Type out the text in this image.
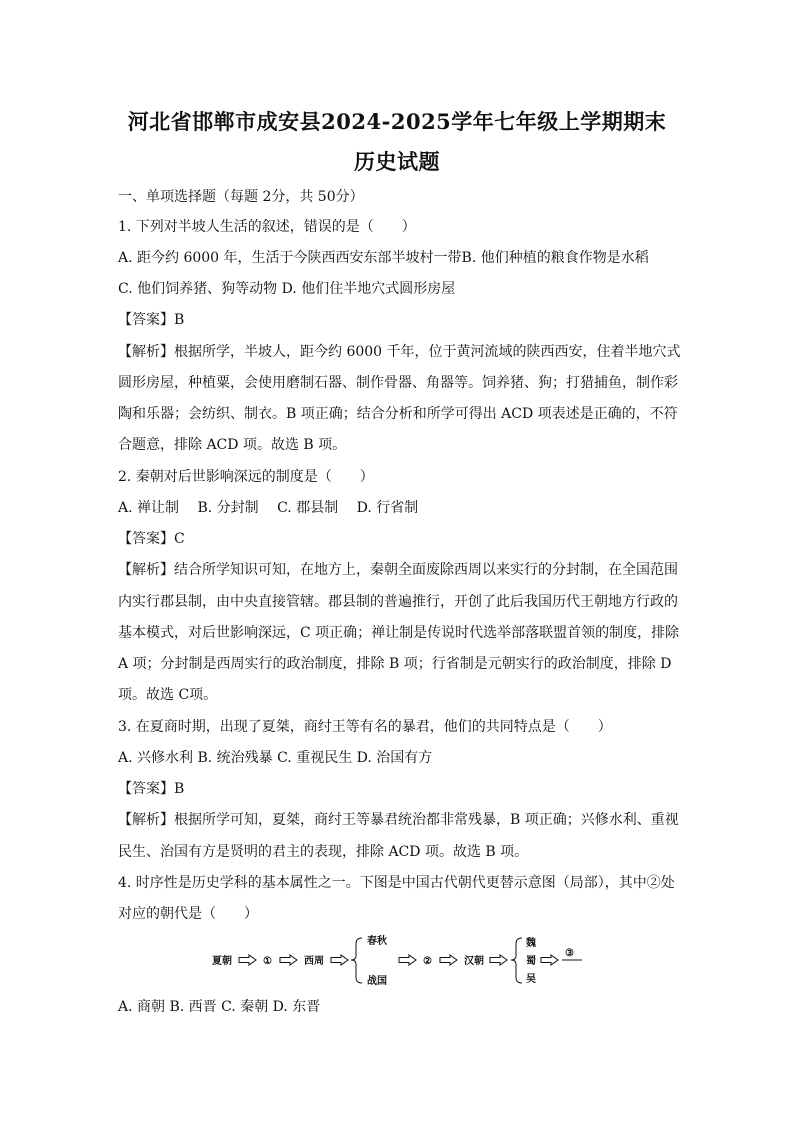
河北省邯郸市成安县2024-2025学年七年级上学期期末
历史试题
一、单项选择题（每题 2分，共 50分）
1. 下列对半坡人生活的叙述，错误的是（　　）
A. 距今约 6000 年，生活于今陕西西安东部半坡村一带B. 他们种植的粮食作物是水稻
C. 他们饲养猪、狗等动物 D. 他们住半地穴式圆形房屋
【答案】B
【解析】根据所学，半坡人，距今约 6000 千年，位于黄河流域的陕西西安，住着半地穴式
圆形房屋，种植粟，会使用磨制石器、制作骨器、角器等。饲养猪、狗；打猎捕鱼，制作彩
陶和乐器；会纺织、制衣。B 项正确；结合分析和所学可得出 ACD 项表述是正确的，不符
合题意，排除 ACD 项。故选 B 项。
2. 秦朝对后世影响深远的制度是（　　）
A. 禅让制　 B. 分封制　 C. 郡县制　 D. 行省制
【答案】C
【解析】结合所学知识可知，在地方上，秦朝全面废除西周以来实行的分封制，在全国范围
内实行郡县制，由中央直接管辖。郡县制的普遍推行，开创了此后我国历代王朝地方行政的
基本模式，对后世影响深远，C 项正确；禅让制是传说时代选举部落联盟首领的制度，排除
A 项；分封制是西周实行的政治制度，排除 B 项；行省制是元朝实行的政治制度，排除 D
项。故选 C项。
3. 在夏商时期，出现了夏桀，商纣王等有名的暴君，他们的共同特点是（　　）
A. 兴修水利 B. 统治残暴 C. 重视民生 D. 治国有方
【答案】B
【解析】根据所学可知，夏桀，商纣王等暴君统治都非常残暴，B 项正确；兴修水利、重视
民生、治国有方是贤明的君主的表现，排除 ACD 项。故选 B 项。
4. 时序性是历史学科的基本属性之一。下图是中国古代朝代更替示意图（局部），其中②处
对应的朝代是（　　）
夏朝	①	西周
春秋
战国
②	汉朝
魏
蜀
吴
③
A. 商朝 B. 西晋 C. 秦朝 D. 东晋
